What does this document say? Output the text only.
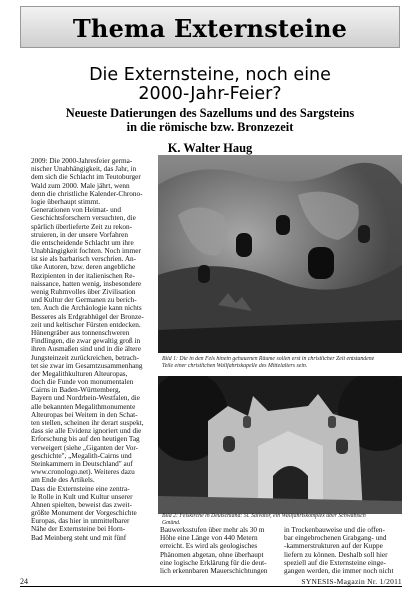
Thema Externsteine
Die Externsteine, noch eine
2000-Jahr-Feier?
Neueste Datierungen des Sazellums und des Sargsteins
in die römische bzw. Bronzezeit
K. Walter Haug
2009: Die 2000-Jahresfeier germa-
nischer Unabhängigkeit, das Jahr, in
dem sich die Schlacht im Teutoburger
Wald zum 2000. Male jährt, wenn
denn die christliche Kalender-Chrono-
logie überhaupt stimmt.
Generationen von Heimat- und
Geschichtsforschern versuchten, die
spärlich überlieferte Zeit zu rekon-
struieren, in der unsere Vorfahren
die entscheidende Schlacht um ihre
Unabhängigkeit fochten. Noch immer
ist sie als barbarisch verschrien. An-
tike Autoren, bzw. deren angebliche
Rezipienten in der italienischen Re-
naissance, hatten wenig, insbesondere
wenig Ruhmvolles über Zivilisation
und Kultur der Germanen zu berich-
ten. Auch die Archäologie kann nichts
Besseres als Erdgrabhügel der Bronze-
zeit und keltischer Fürsten entdecken.
Hünengräber aus tonnenschweren
Findlingen, die zwar gewaltig groß in
ihren Ausmaßen sind und in die ältere
Jungsteinzeit zurückreichen, betrach-
tet sie zwar im Gesamtzusammenhang
der Megalithkulturen Alteuropas,
doch die Funde von monumentalen
Cairns in Baden-Württemberg,
Bayern und Nordrhein-Westfalen, die
alle bekannten Megalithmonumente
Alteuropas bei Weitem in den Schat-
ten stellen, scheinen ihr derart suspekt,
dass sie alle Evidenz ignoriert und die
Erforschung bis auf den heutigen Tag
verweigert (siehe „Giganten der Vor-
geschichte", „Megalith-Cairns und
Steinkammern in Deutschland" auf
www.cronologo.net). Weiteres dazu
am Ende des Artikels.
Dass die Externsteine eine zentra-
le Rolle in Kult und Kultur unserer
Ahnen spielten, beweist das zweit-
größte Monument der Vorgeschichte
Europas, das hier in unmittelbarer
Nähe der Externsteine bei Horn-
Bad Meinberg steht und mit fünf
Bild 1: Die in den Fels hinein gehauenen Räume sollen erst in christlicher Zeit entstandene
Teile einer christlichen Wallfahrtskapelle des Mittelalters sein.
Bild 2: Felskirche in Deutschland: St. Salvator, ein Wallfahrtskomplex über Schwäbisch
Gmünd.
Bauwerksstufen über mehr als 30 m
Höhe eine Länge von 440 Metern
erreicht. Es wird als geologisches
Phänomen abgetan, ohne überhaupt
eine logische Erklärung für die deut-
lich erkennbaren Mauerschichtungen
in Trockenbauweise und die offen-
bar eingebrochenen Grabgang- und
-kammerstrukturen auf der Kuppe
liefern zu können. Deshalb soll hier
speziell auf die Externsteine einge-
gangen werden, die immer noch nicht
24	SYNESIS-Magazin Nr. 1/2011
